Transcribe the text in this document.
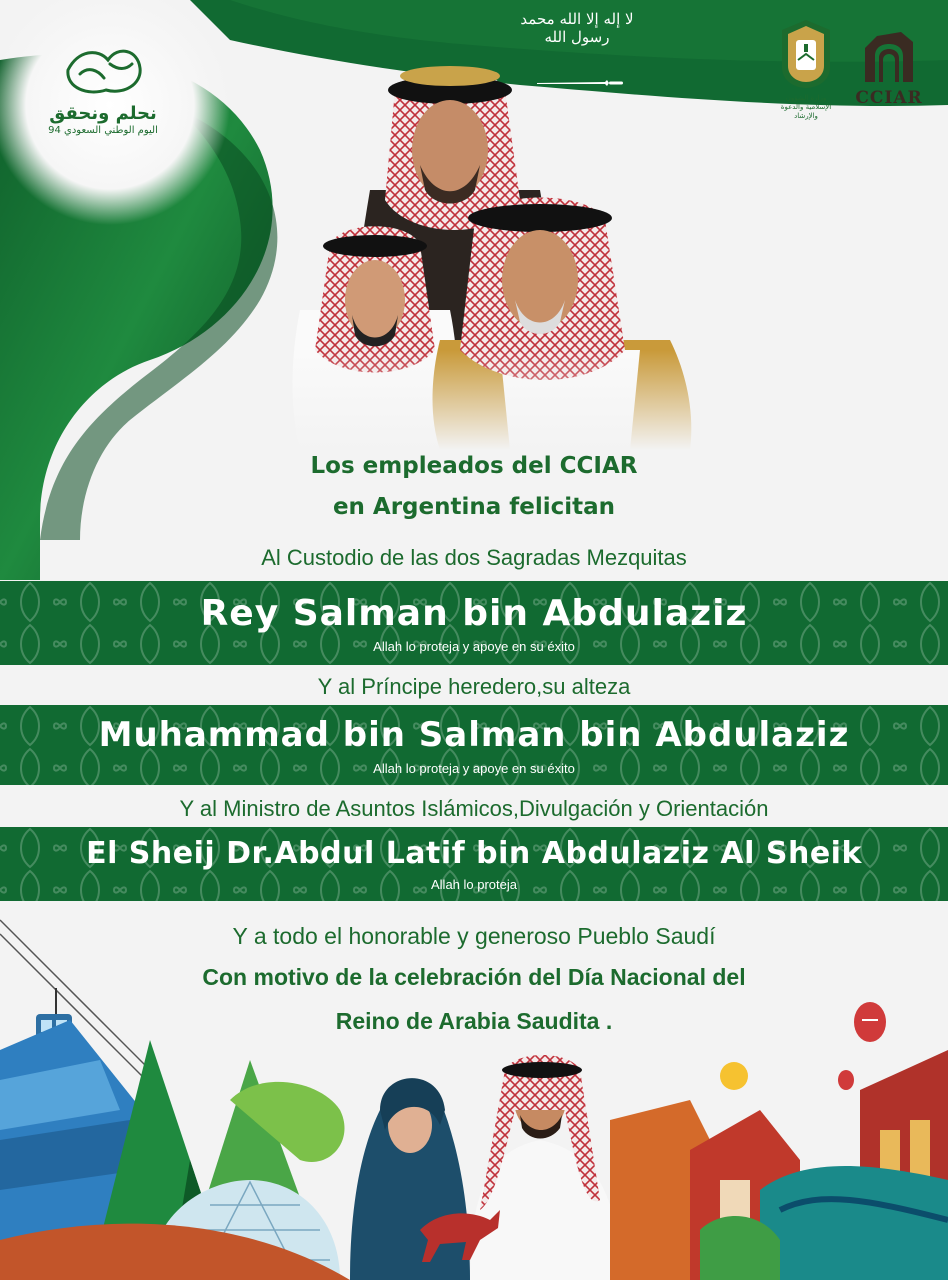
لا إله إلا الله محمد رسول الله
نحلم ونحقق
اليوم الوطني السعودي 94
وزارة الشؤون الإسلامية والدعوة والإرشاد
CCIAR
Los empleados del CCIAR
en Argentina felicitan
Al Custodio de las dos Sagradas Mezquitas
Rey Salman bin Abdulaziz
Allah lo proteja y apoye en su éxito
Y al Príncipe heredero,su alteza
Muhammad bin Salman bin Abdulaziz
Allah lo proteja y apoye en su éxito
Y al Ministro de Asuntos Islámicos,Divulgación y Orientación
El Sheij Dr.Abdul Latif bin Abdulaziz Al Sheik
Allah lo proteja
Y a todo el honorable y generoso Pueblo Saudí
Con motivo de la celebración del Día Nacional del
Reino de Arabia Saudita .
